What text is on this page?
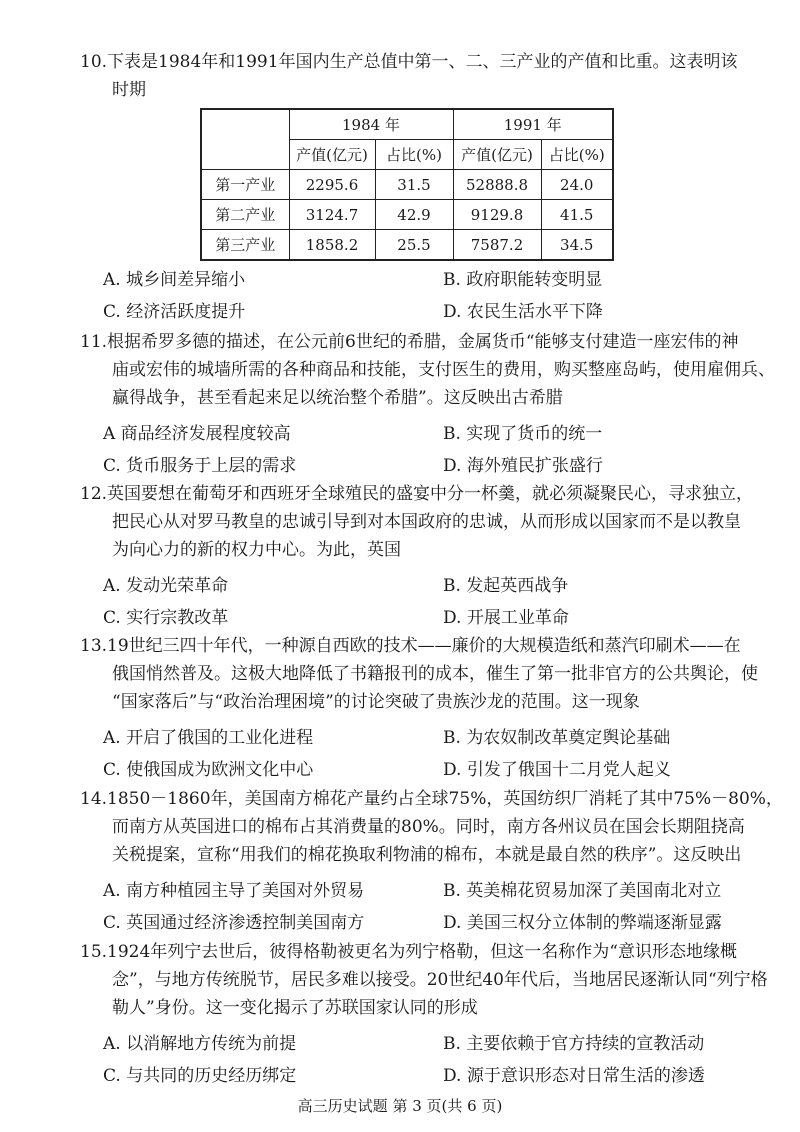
10.下表是1984年和1991年国内生产总值中第一、二、三产业的产值和比重。这表明该
时期
	1984 年		1991 年	
	产值(亿元)	占比(%)	产值(亿元)	占比(%)
第一产业	2295.6	31.5	52888.8	24.0
第二产业	3124.7	42.9	9129.8	41.5
第三产业	1858.2	25.5	7587.2	34.5
A. 城乡间差异缩小	B. 政府职能转变明显
C. 经济活跃度提升	D. 农民生活水平下降
11.根据希罗多德的描述，在公元前6世纪的希腊，金属货币“能够支付建造一座宏伟的神
庙或宏伟的城墙所需的各种商品和技能，支付医生的费用，购买整座岛屿，使用雇佣兵、
赢得战争，甚至看起来足以统治整个希腊”。这反映出古希腊
A 商品经济发展程度较高	B. 实现了货币的统一
C. 货币服务于上层的需求	D. 海外殖民扩张盛行
12.英国要想在葡萄牙和西班牙全球殖民的盛宴中分一杯羹，就必须凝聚民心，寻求独立，
把民心从对罗马教皇的忠诚引导到对本国政府的忠诚，从而形成以国家而不是以教皇
为向心力的新的权力中心。为此，英国
A. 发动光荣革命	B. 发起英西战争
C. 实行宗教改革	D. 开展工业革命
13.19世纪三四十年代，一种源自西欧的技术——廉价的大规模造纸和蒸汽印刷术——在
俄国悄然普及。这极大地降低了书籍报刊的成本，催生了第一批非官方的公共舆论，使
“国家落后”与“政治治理困境”的讨论突破了贵族沙龙的范围。这一现象
A. 开启了俄国的工业化进程	B. 为农奴制改革奠定舆论基础
C. 使俄国成为欧洲文化中心	D. 引发了俄国十二月党人起义
14.1850－1860年，美国南方棉花产量约占全球75%，英国纺织厂消耗了其中75%－80%，
而南方从英国进口的棉布占其消费量的80%。同时，南方各州议员在国会长期阻挠高
关税提案，宣称“用我们的棉花换取利物浦的棉布，本就是最自然的秩序”。这反映出
A. 南方种植园主导了美国对外贸易	B. 英美棉花贸易加深了美国南北对立
C. 英国通过经济渗透控制美国南方	D. 美国三权分立体制的弊端逐渐显露
15.1924年列宁去世后，彼得格勒被更名为列宁格勒，但这一名称作为“意识形态地缘概
念”，与地方传统脱节，居民多难以接受。20世纪40年代后，当地居民逐渐认同“列宁格
勒人”身份。这一变化揭示了苏联国家认同的形成
A. 以消解地方传统为前提	B. 主要依赖于官方持续的宣教活动
C. 与共同的历史经历绑定	D. 源于意识形态对日常生活的渗透
高三历史试题 第 3 页(共 6 页)
